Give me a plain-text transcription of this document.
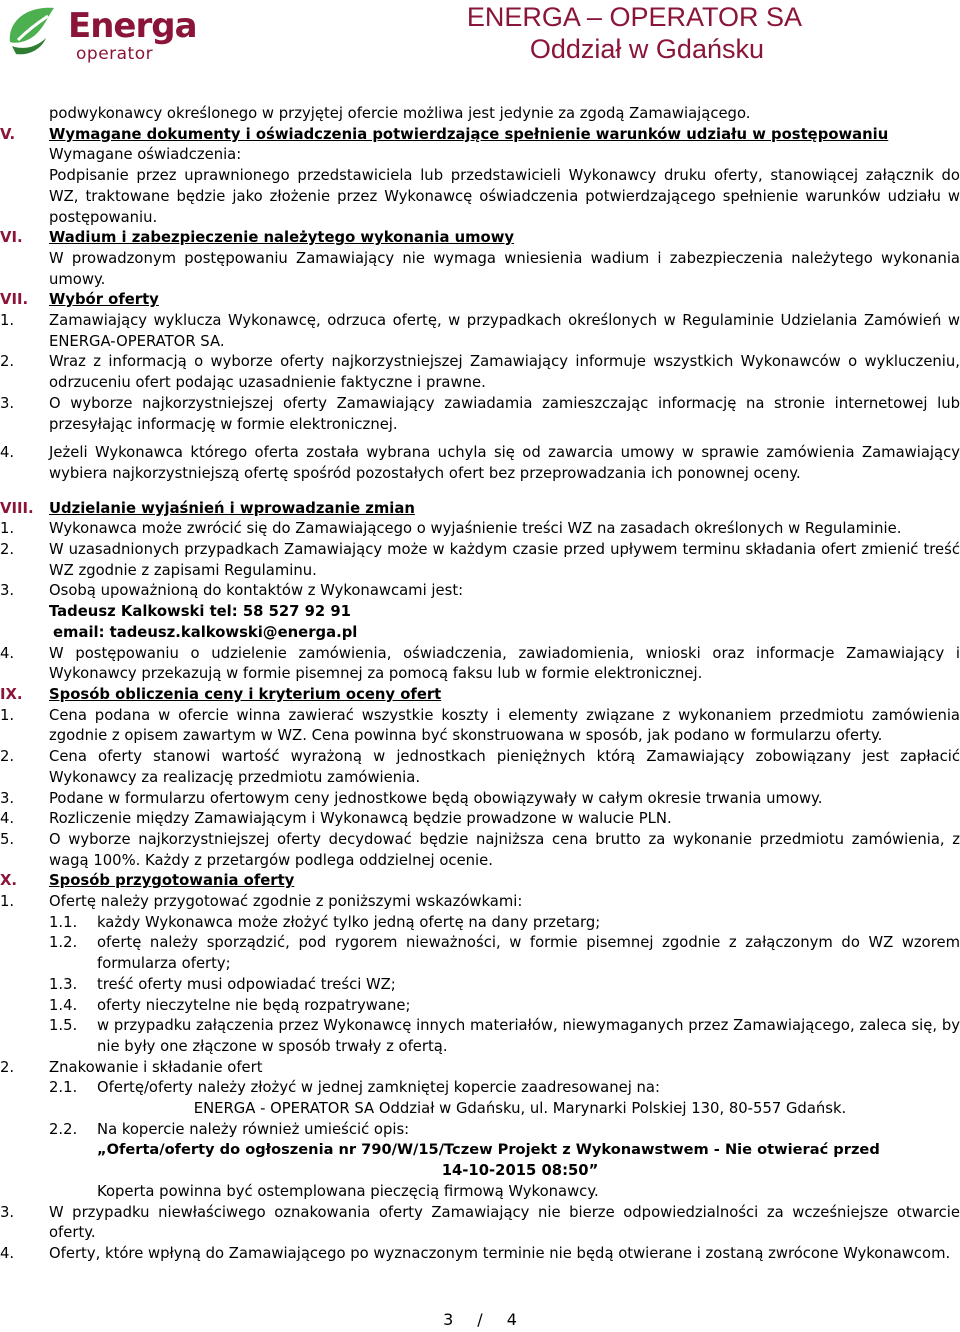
Energa
operator
ENERGA – OPERATOR SA
Oddział w Gdańsku
podwykonawcy określonego w przyjętej ofercie możliwa jest jedynie za zgodą Zamawiającego.
V. Wymagane dokumenty i oświadczenia potwierdzające spełnienie warunków udziału w postępowaniu
Wymagane oświadczenia:
Podpisanie przez uprawnionego przedstawiciela lub przedstawicieli Wykonawcy druku oferty, stanowiącej załącznik do WZ, traktowane będzie jako złożenie przez Wykonawcę oświadczenia potwierdzającego spełnienie warunków udziału w postępowaniu.
VI. Wadium i zabezpieczenie należytego wykonania umowy
W prowadzonym postępowaniu Zamawiający nie wymaga wniesienia wadium i zabezpieczenia należytego wykonania umowy.
VII. Wybór oferty
1. Zamawiający wyklucza Wykonawcę, odrzuca ofertę, w przypadkach określonych w Regulaminie Udzielania Zamówień w ENERGA-OPERATOR SA.
2. Wraz z informacją o wyborze oferty najkorzystniejszej Zamawiający informuje wszystkich Wykonawców o wykluczeniu, odrzuceniu ofert podając uzasadnienie faktyczne i prawne.
3. O wyborze najkorzystniejszej oferty Zamawiający zawiadamia zamieszczając informację na stronie internetowej lub przesyłając informację w formie elektronicznej.
4. Jeżeli Wykonawca którego oferta została wybrana uchyla się od zawarcia umowy w sprawie zamówienia Zamawiający wybiera najkorzystniejszą ofertę spośród pozostałych ofert bez przeprowadzania ich ponownej oceny.
VIII. Udzielanie wyjaśnień i wprowadzanie zmian
1. Wykonawca może zwrócić się do Zamawiającego o wyjaśnienie treści WZ na zasadach określonych w Regulaminie.
2. W uzasadnionych przypadkach Zamawiający może w każdym czasie przed upływem terminu składania ofert zmienić treść WZ zgodnie z zapisami Regulaminu.
3. Osobą upoważnioną do kontaktów z Wykonawcami jest:
Tadeusz Kalkowski tel: 58 527 92 91
email: tadeusz.kalkowski@energa.pl
4. W postępowaniu o udzielenie zamówienia, oświadczenia, zawiadomienia, wnioski oraz informacje Zamawiający i Wykonawcy przekazują w formie pisemnej za pomocą faksu lub w formie elektronicznej.
IX. Sposób obliczenia ceny i kryterium oceny ofert
1. Cena podana w ofercie winna zawierać wszystkie koszty i elementy związane z wykonaniem przedmiotu zamówienia zgodnie z opisem zawartym w WZ. Cena powinna być skonstruowana w sposób, jak podano w formularzu oferty.
2. Cena oferty stanowi wartość wyrażoną w jednostkach pieniężnych którą Zamawiający zobowiązany jest zapłacić Wykonawcy za realizację przedmiotu zamówienia.
3. Podane w formularzu ofertowym ceny jednostkowe będą obowiązywały w całym okresie trwania umowy.
4. Rozliczenie między Zamawiającym i Wykonawcą będzie prowadzone w walucie PLN.
5. O wyborze najkorzystniejszej oferty decydować będzie najniższa cena brutto za wykonanie przedmiotu zamówienia, z wagą 100%. Każdy z przetargów podlega oddzielnej ocenie.
X. Sposób przygotowania oferty
1. Ofertę należy przygotować zgodnie z poniższymi wskazówkami:
1.1. każdy Wykonawca może złożyć tylko jedną ofertę na dany przetarg;
1.2. ofertę należy sporządzić, pod rygorem nieważności, w formie pisemnej zgodnie z załączonym do WZ wzorem formularza oferty;
1.3. treść oferty musi odpowiadać treści WZ;
1.4. oferty nieczytelne nie będą rozpatrywane;
1.5. w przypadku załączenia przez Wykonawcę innych materiałów, niewymaganych przez Zamawiającego, zaleca się, by nie były one złączone w sposób trwały z ofertą.
2. Znakowanie i składanie ofert
2.1. Ofertę/oferty należy złożyć w jednej zamkniętej kopercie zaadresowanej na:
ENERGA - OPERATOR SA Oddział w Gdańsku, ul. Marynarki Polskiej 130, 80-557 Gdańsk.
2.2. Na kopercie należy również umieścić opis:
„Oferta/oferty do ogłoszenia nr 790/W/15/Tczew Projekt z Wykonawstwem - Nie otwierać przed
14-10-2015 08:50”
Koperta powinna być ostemplowana pieczęcią firmową Wykonawcy.
3. W przypadku niewłaściwego oznakowania oferty Zamawiający nie bierze odpowiedzialności za wcześniejsze otwarcie oferty.
4. Oferty, które wpłyną do Zamawiającego po wyznaczonym terminie nie będą otwierane i zostaną zwrócone Wykonawcom.
3 / 4
